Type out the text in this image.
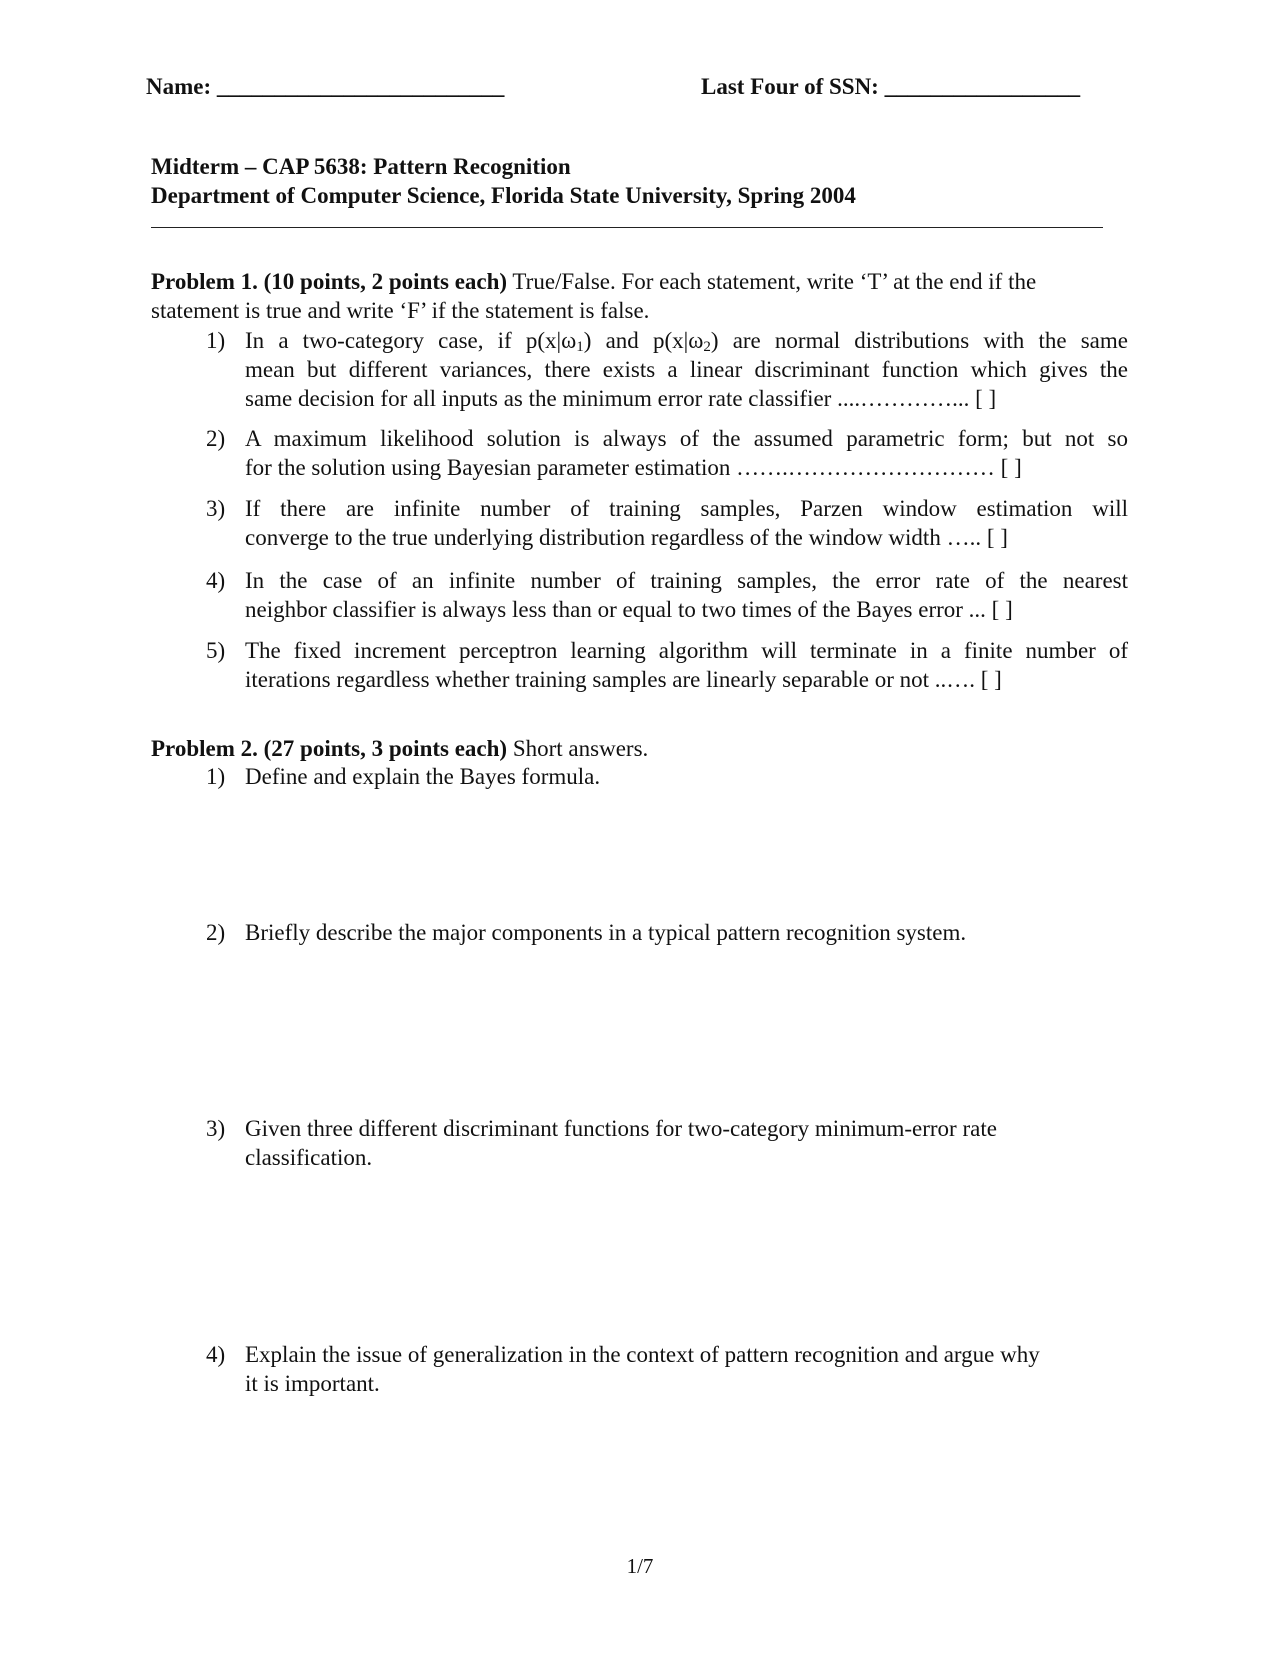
Name: _________________________	Last Four of SSN: _________________
Midterm – CAP 5638: Pattern Recognition
Department of Computer Science, Florida State University, Spring 2004
Problem 1. (10 points, 2 points each) True/False. For each statement, write ‘T’ at the end if the
statement is true and write ‘F’ if the statement is false.
1) In a two-category case, if $p(x|\omega_1)$ and $p(x|\omega_2)$ are normal distributions with the same
mean but different variances, there exists a linear discriminant function which gives the
same decision for all inputs as the minimum error rate classifier ....…………... [ ]
2) A maximum likelihood solution is always of the assumed parametric form; but not so
for the solution using Bayesian parameter estimation …….……………………… [ ]
3) If there are infinite number of training samples, Parzen window estimation will
converge to the true underlying distribution regardless of the window width ….. [ ]
4) In the case of an infinite number of training samples, the error rate of the nearest
neighbor classifier is always less than or equal to two times of the Bayes error ... [ ]
5) The fixed increment perceptron learning algorithm will terminate in a finite number of
iterations regardless whether training samples are linearly separable or not ..…. [ ]
Problem 2. (27 points, 3 points each) Short answers.
1) Define and explain the Bayes formula.
2) Briefly describe the major components in a typical pattern recognition system.
3) Given three different discriminant functions for two-category minimum-error rate
classification.
4) Explain the issue of generalization in the context of pattern recognition and argue why
it is important.
1/7
